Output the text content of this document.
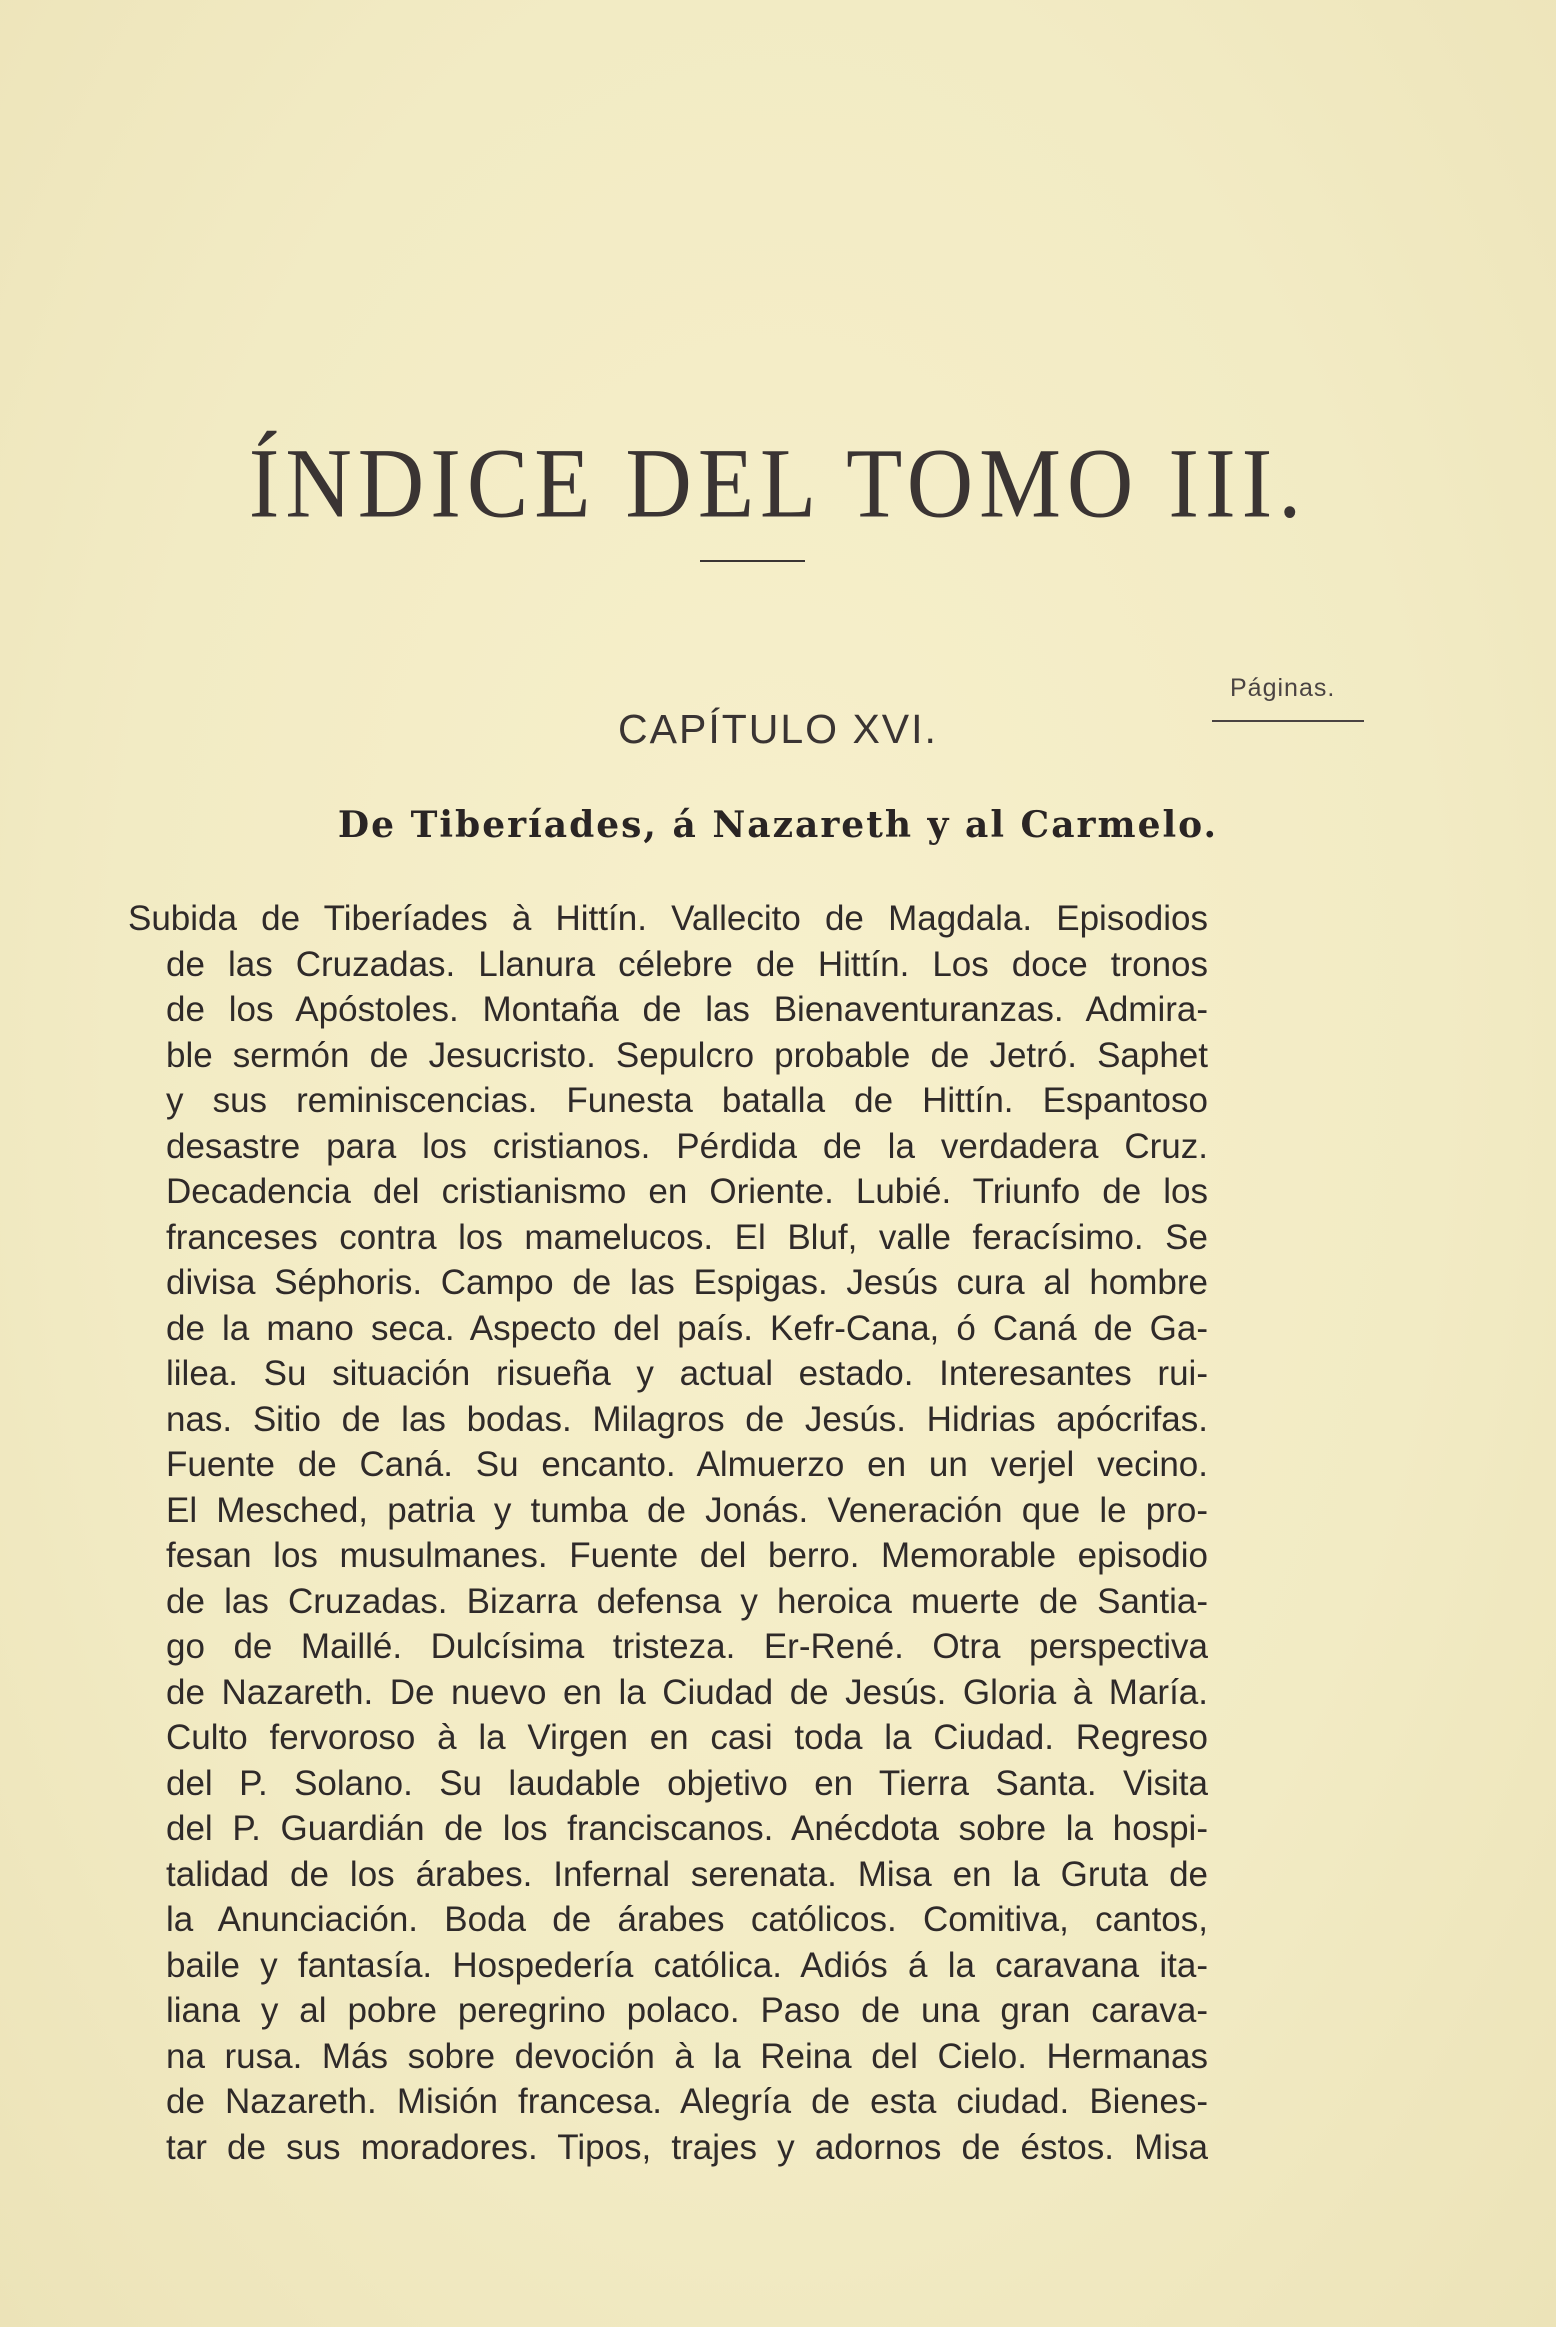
ÍNDICE DEL TOMO III.
Páginas.
CAPÍTULO XVI.
De Tiberíades, á Nazareth y al Carmelo.
Subida de Tiberíades à Hittín. Vallecito de Magdala. Episodios
de las Cruzadas. Llanura célebre de Hittín. Los doce tronos
de los Apóstoles. Montaña de las Bienaventuranzas. Admira-
ble sermón de Jesucristo. Sepulcro probable de Jetró. Saphet
y sus reminiscencias. Funesta batalla de Hittín. Espantoso
desastre para los cristianos. Pérdida de la verdadera Cruz.
Decadencia del cristianismo en Oriente. Lubié. Triunfo de los
franceses contra los mamelucos. El Bluf, valle feracísimo. Se
divisa Séphoris. Campo de las Espigas. Jesús cura al hombre
de la mano seca. Aspecto del país. Kefr-Cana, ó Caná de Ga-
lilea. Su situación risueña y actual estado. Interesantes rui-
nas. Sitio de las bodas. Milagros de Jesús. Hidrias apócrifas.
Fuente de Caná. Su encanto. Almuerzo en un verjel vecino.
El Mesched, patria y tumba de Jonás. Veneración que le pro-
fesan los musulmanes. Fuente del berro. Memorable episodio
de las Cruzadas. Bizarra defensa y heroica muerte de Santia-
go de Maillé. Dulcísima tristeza. Er-René. Otra perspectiva
de Nazareth. De nuevo en la Ciudad de Jesús. Gloria à María.
Culto fervoroso à la Virgen en casi toda la Ciudad. Regreso
del P. Solano. Su laudable objetivo en Tierra Santa. Visita
del P. Guardián de los franciscanos. Anécdota sobre la hospi-
talidad de los árabes. Infernal serenata. Misa en la Gruta de
la Anunciación. Boda de árabes católicos. Comitiva, cantos,
baile y fantasía. Hospedería católica. Adiós á la caravana ita-
liana y al pobre peregrino polaco. Paso de una gran carava-
na rusa. Más sobre devoción à la Reina del Cielo. Hermanas
de Nazareth. Misión francesa. Alegría de esta ciudad. Bienes-
tar de sus moradores. Tipos, trajes y adornos de éstos. Misa
